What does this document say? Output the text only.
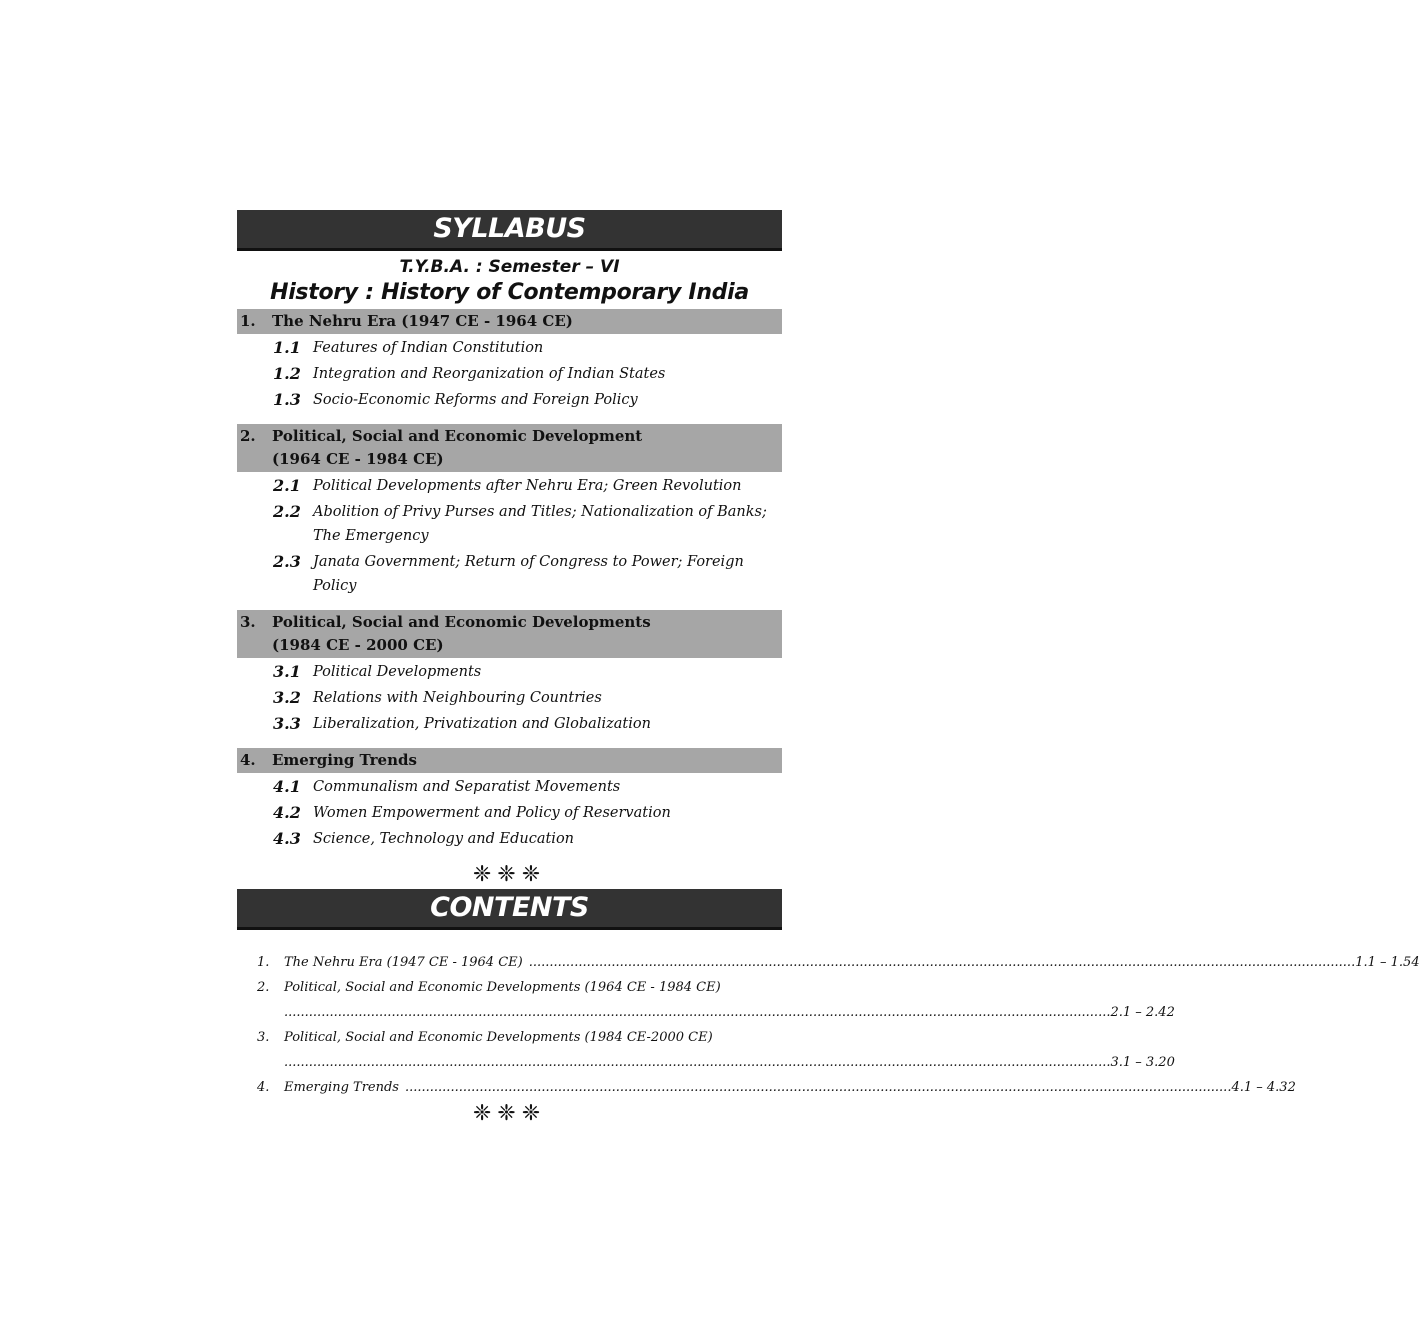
SYLLABUS
T.Y.B.A. : Semester – VI
History : History of Contemporary India
1.	The Nehru Era (1947 CE - 1964 CE)
1.1 Features of Indian Constitution
1.2 Integration and Reorganization of Indian States
1.3 Socio-Economic Reforms and Foreign Policy
2.	Political, Social and Economic Development
(1964 CE - 1984 CE)
2.1 Political Developments after Nehru Era; Green Revolution
2.2 Abolition of Privy Purses and Titles; Nationalization of Banks; The Emergency
2.3 Janata Government; Return of Congress to Power; Foreign Policy
3.	Political, Social and Economic Developments
(1984 CE - 2000 CE)
3.1 Political Developments
3.2 Relations with Neighbouring Countries
3.3 Liberalization, Privatization and Globalization
4.	Emerging Trends
4.1 Communalism and Separatist Movements
4.2 Women Empowerment and Policy of Reservation
4.3 Science, Technology and Education
❈❈❈
CONTENTS
1.	The Nehru Era (1947 CE - 1964 CE) ........................................................................................................................................................................................................ 1.1 – 1.54
2.	Political, Social and Economic Developments (1964 CE - 1984 CE)
........................................................................................................................................................................................................ 2.1 – 2.42
3.	Political, Social and Economic Developments (1984 CE-2000 CE)
........................................................................................................................................................................................................ 3.1 – 3.20
4.	Emerging Trends ........................................................................................................................................................................................................ 4.1 – 4.32
❈❈❈
